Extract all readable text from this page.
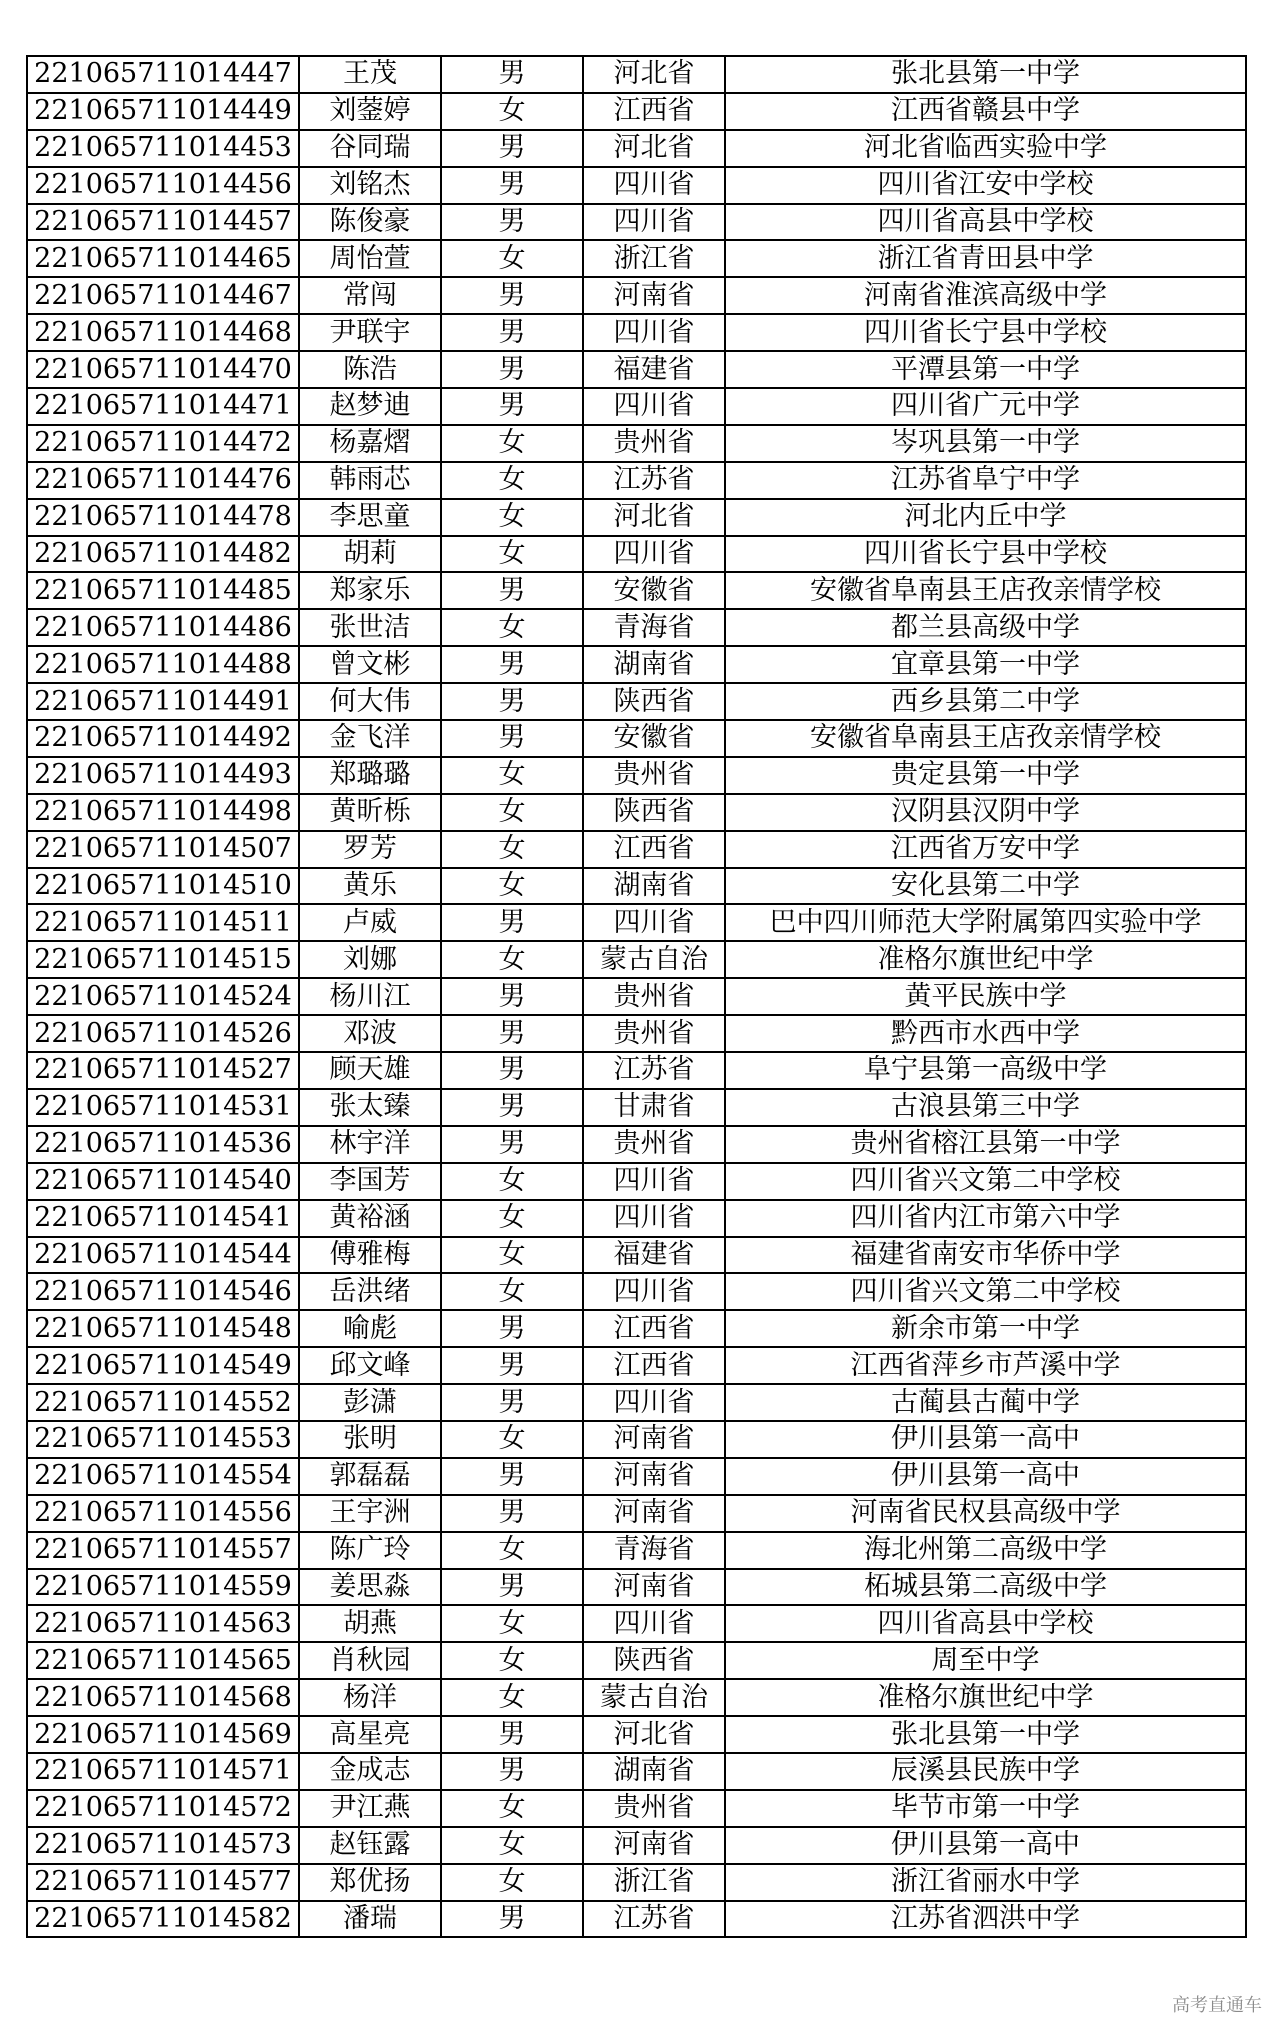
221065711014447	王茂	男	河北省	张北县第一中学
221065711014449	刘蓥婷	女	江西省	江西省赣县中学
221065711014453	谷同瑞	男	河北省	河北省临西实验中学
221065711014456	刘铭杰	男	四川省	四川省江安中学校
221065711014457	陈俊豪	男	四川省	四川省高县中学校
221065711014465	周怡萱	女	浙江省	浙江省青田县中学
221065711014467	常闯	男	河南省	河南省淮滨高级中学
221065711014468	尹联宇	男	四川省	四川省长宁县中学校
221065711014470	陈浩	男	福建省	平潭县第一中学
221065711014471	赵梦迪	男	四川省	四川省广元中学
221065711014472	杨嘉熠	女	贵州省	岑巩县第一中学
221065711014476	韩雨芯	女	江苏省	江苏省阜宁中学
221065711014478	李思童	女	河北省	河北内丘中学
221065711014482	胡莉	女	四川省	四川省长宁县中学校
221065711014485	郑家乐	男	安徽省	安徽省阜南县王店孜亲情学校
221065711014486	张世洁	女	青海省	都兰县高级中学
221065711014488	曾文彬	男	湖南省	宜章县第一中学
221065711014491	何大伟	男	陕西省	西乡县第二中学
221065711014492	金飞洋	男	安徽省	安徽省阜南县王店孜亲情学校
221065711014493	郑璐璐	女	贵州省	贵定县第一中学
221065711014498	黄昕栎	女	陕西省	汉阴县汉阴中学
221065711014507	罗芳	女	江西省	江西省万安中学
221065711014510	黄乐	女	湖南省	安化县第二中学
221065711014511	卢威	男	四川省	巴中四川师范大学附属第四实验中学
221065711014515	刘娜	女	蒙古自治	准格尔旗世纪中学
221065711014524	杨川江	男	贵州省	黄平民族中学
221065711014526	邓波	男	贵州省	黔西市水西中学
221065711014527	顾天雄	男	江苏省	阜宁县第一高级中学
221065711014531	张太臻	男	甘肃省	古浪县第三中学
221065711014536	林宇洋	男	贵州省	贵州省榕江县第一中学
221065711014540	李国芳	女	四川省	四川省兴文第二中学校
221065711014541	黄裕涵	女	四川省	四川省内江市第六中学
221065711014544	傅雅梅	女	福建省	福建省南安市华侨中学
221065711014546	岳洪绪	女	四川省	四川省兴文第二中学校
221065711014548	喻彪	男	江西省	新余市第一中学
221065711014549	邱文峰	男	江西省	江西省萍乡市芦溪中学
221065711014552	彭潇	男	四川省	古蔺县古蔺中学
221065711014553	张明	女	河南省	伊川县第一高中
221065711014554	郭磊磊	男	河南省	伊川县第一高中
221065711014556	王宇洲	男	河南省	河南省民权县高级中学
221065711014557	陈广玲	女	青海省	海北州第二高级中学
221065711014559	姜思淼	男	河南省	柘城县第二高级中学
221065711014563	胡燕	女	四川省	四川省高县中学校
221065711014565	肖秋园	女	陕西省	周至中学
221065711014568	杨洋	女	蒙古自治	准格尔旗世纪中学
221065711014569	高星亮	男	河北省	张北县第一中学
221065711014571	金成志	男	湖南省	辰溪县民族中学
221065711014572	尹江燕	女	贵州省	毕节市第一中学
221065711014573	赵钰露	女	河南省	伊川县第一高中
221065711014577	郑优扬	女	浙江省	浙江省丽水中学
221065711014582	潘瑞	男	江苏省	江苏省泗洪中学
高考直通车
